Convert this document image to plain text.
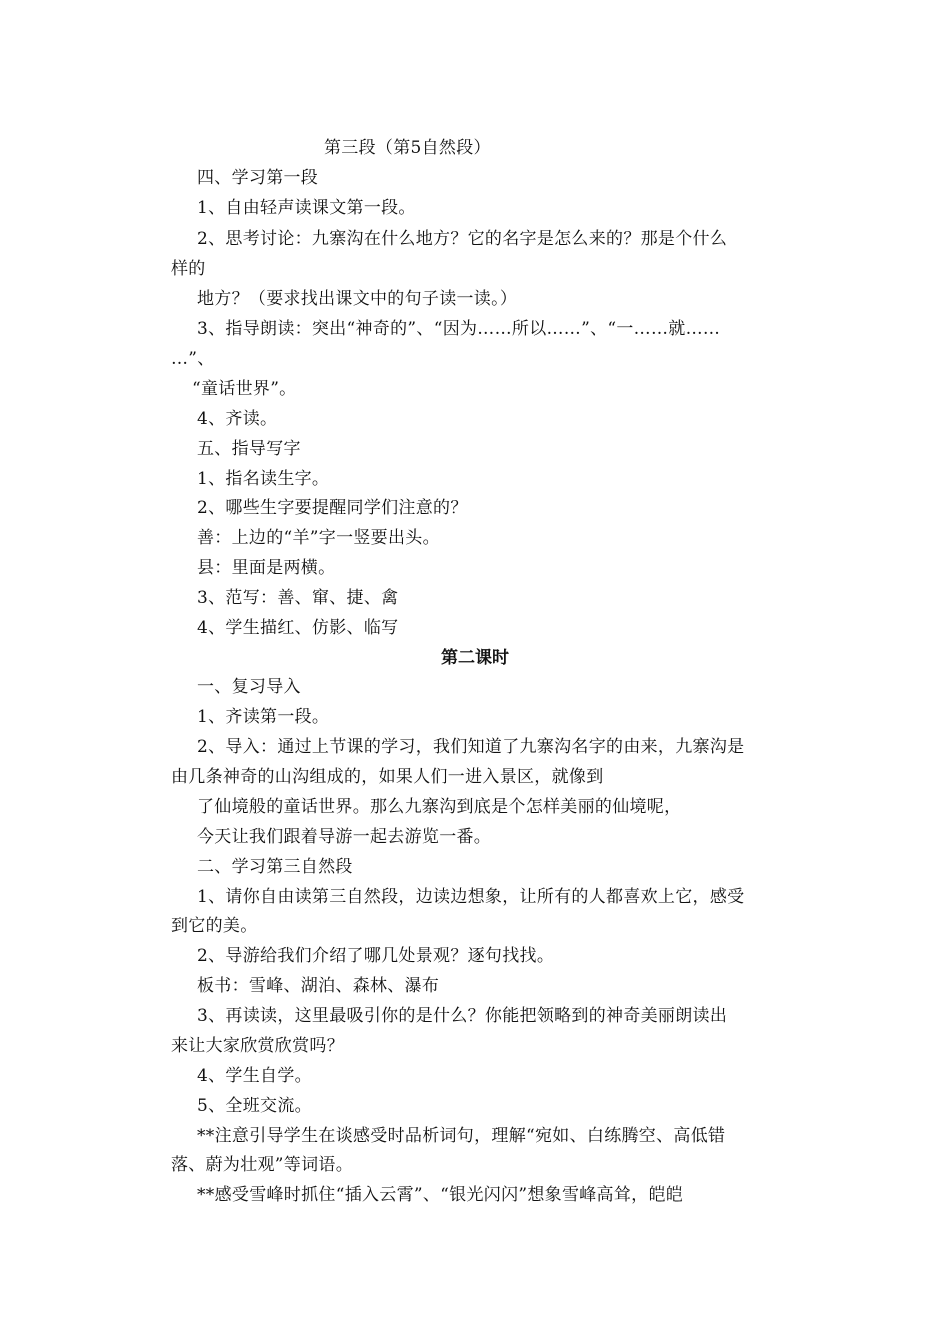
第三段（第5自然段）
四、学习第一段
1、自由轻声读课文第一段。
2、思考讨论：九寨沟在什么地方？它的名字是怎么来的？那是个什么
样的
地方？（要求找出课文中的句子读一读。）
3、指导朗读：突出“神奇的”、“因为……所以……”、“一……就……
…”、
“童话世界”。
4、齐读。
五、指导写字
1、指名读生字。
2、哪些生字要提醒同学们注意的？
善：上边的“羊”字一竖要出头。
县：里面是两横。
3、范写：善、窜、捷、禽
4、学生描红、仿影、临写
第二课时
一、复习导入
1、齐读第一段。
2、导入：通过上节课的学习，我们知道了九寨沟名字的由来，九寨沟是
由几条神奇的山沟组成的，如果人们一进入景区，就像到
了仙境般的童话世界。那么九寨沟到底是个怎样美丽的仙境呢，
今天让我们跟着导游一起去游览一番。
二、学习第三自然段
1、请你自由读第三自然段，边读边想象，让所有的人都喜欢上它，感受
到它的美。
2、导游给我们介绍了哪几处景观？逐句找找。
板书：雪峰、湖泊、森林、瀑布
3、再读读，这里最吸引你的是什么？你能把领略到的神奇美丽朗读出
来让大家欣赏欣赏吗？
4、学生自学。
5、全班交流。
**注意引导学生在谈感受时品析词句，理解“宛如、白练腾空、高低错
落、蔚为壮观”等词语。
**感受雪峰时抓住“插入云霄”、“银光闪闪”想象雪峰高耸，皑皑
